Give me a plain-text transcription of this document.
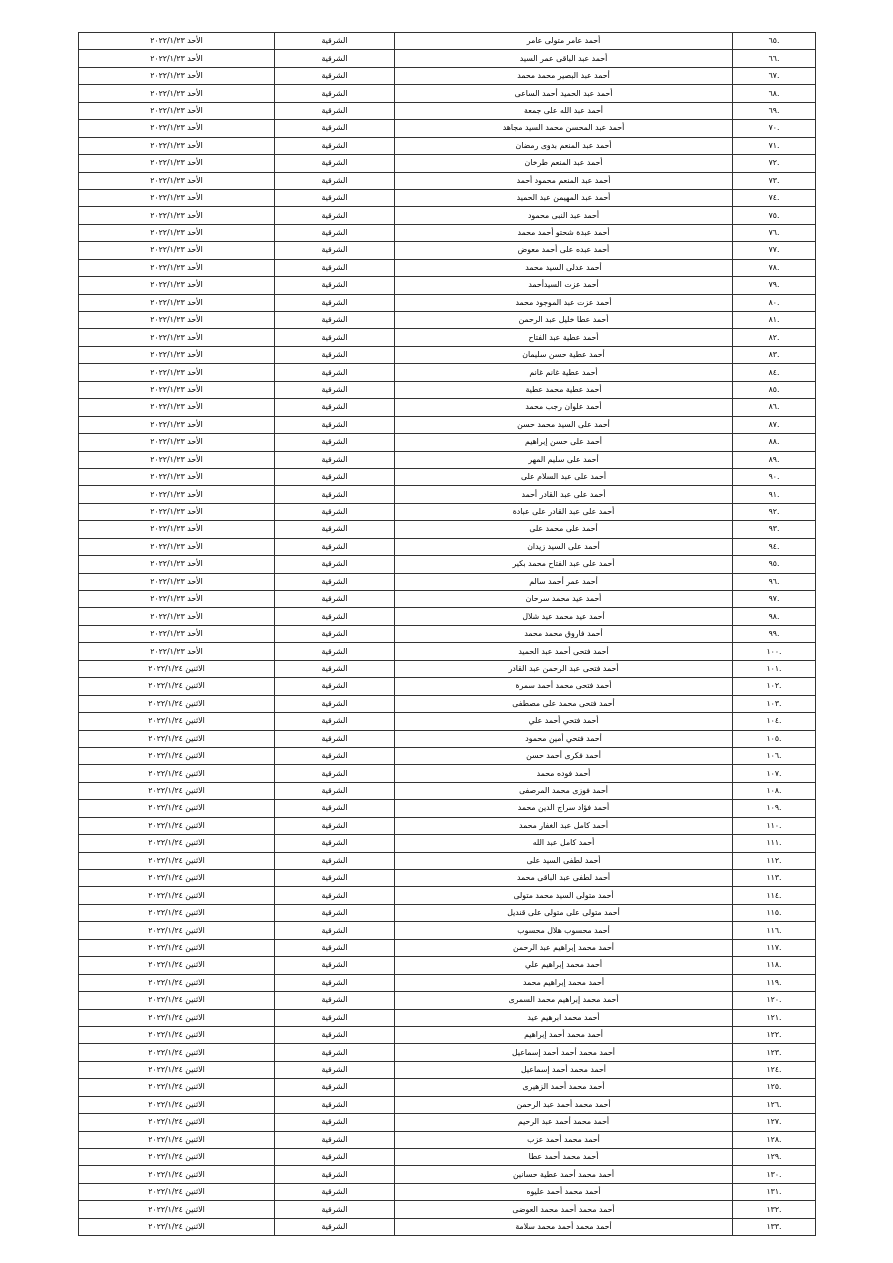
.٦٥	أحمد عامر متولى عامر	الشرقية	الأحد ٢٠٢٢/١/٢٣
.٦٦	أحمد عبد الباقى عمر السيد	الشرقية	الأحد ٢٠٢٢/١/٢٣
.٦٧	أحمد عبد البصير محمد محمد	الشرقية	الأحد ٢٠٢٢/١/٢٣
.٦٨	أحمد عبد الحميد أحمد الساعى	الشرقية	الأحد ٢٠٢٢/١/٢٣
.٦٩	أحمد عبد الله على جمعة	الشرقية	الأحد ٢٠٢٢/١/٢٣
.٧٠	أحمد عبد المحسن محمد السيد مجاهد	الشرقية	الأحد ٢٠٢٢/١/٢٣
.٧١	أحمد عبد المنعم بدوى رمضان	الشرقية	الأحد ٢٠٢٢/١/٢٣
.٧٢	أحمد عبد المنعم طرخان	الشرقية	الأحد ٢٠٢٢/١/٢٣
.٧٣	أحمد عبد المنعم محمود أحمد	الشرقية	الأحد ٢٠٢٢/١/٢٣
.٧٤	أحمد عبد المهيمن عبد الحميد	الشرقية	الأحد ٢٠٢٢/١/٢٣
.٧٥	أحمد عبد النبى محمود	الشرقية	الأحد ٢٠٢٢/١/٢٣
.٧٦	أحمد عبدة شحتو أحمد محمد	الشرقية	الأحد ٢٠٢٢/١/٢٣
.٧٧	أحمد عبده على أحمد معوض	الشرقية	الأحد ٢٠٢٢/١/٢٣
.٧٨	أحمد عدلى السيد محمد	الشرقية	الأحد ٢٠٢٢/١/٢٣
.٧٩	أحمد عزت السيدأحمد	الشرقية	الأحد ٢٠٢٢/١/٢٣
.٨٠	أحمد عزت عبد الموجود محمد	الشرقية	الأحد ٢٠٢٢/١/٢٣
.٨١	أحمد عطا خليل عبد الرحمن	الشرقية	الأحد ٢٠٢٢/١/٢٣
.٨٢	أحمد عطية عبد الفتاح	الشرقية	الأحد ٢٠٢٢/١/٢٣
.٨٣	أحمد عطية حسن سليمان	الشرقية	الأحد ٢٠٢٢/١/٢٣
.٨٤	أحمد عطية غانم غانم	الشرقية	الأحد ٢٠٢٢/١/٢٣
.٨٥	أحمد عطية محمد عطية	الشرقية	الأحد ٢٠٢٢/١/٢٣
.٨٦	أحمد علوان رجب محمد	الشرقية	الأحد ٢٠٢٢/١/٢٣
.٨٧	أحمد على السيد محمد حسن	الشرقية	الأحد ٢٠٢٢/١/٢٣
.٨٨	أحمد على حسن إبراهيم	الشرقية	الأحد ٢٠٢٢/١/٢٣
.٨٩	أحمد على سليم المهر	الشرقية	الأحد ٢٠٢٢/١/٢٣
.٩٠	أحمد على عبد السلام على	الشرقية	الأحد ٢٠٢٢/١/٢٣
.٩١	أحمد على عبد القادر أحمد	الشرقية	الأحد ٢٠٢٢/١/٢٣
.٩٢	أحمد على عبد القادر على عبادة	الشرقية	الأحد ٢٠٢٢/١/٢٣
.٩٣	أحمد على محمد على	الشرقية	الأحد ٢٠٢٢/١/٢٣
.٩٤	أحمد على السيد زيدان	الشرقية	الأحد ٢٠٢٢/١/٢٣
.٩٥	أحمد على عبد الفتاح محمد بكير	الشرقية	الأحد ٢٠٢٢/١/٢٣
.٩٦	أحمد عمر أحمد سالم	الشرقية	الأحد ٢٠٢٢/١/٢٣
.٩٧	أحمد عيد محمد سرحان	الشرقية	الأحد ٢٠٢٢/١/٢٣
.٩٨	أحمد عيد محمد عيد شلال	الشرقية	الأحد ٢٠٢٢/١/٢٣
.٩٩	أحمد فاروق محمد محمد	الشرقية	الأحد ٢٠٢٢/١/٢٣
.١٠٠	أحمد فتحى أحمد عبد الحميد	الشرقية	الأحد ٢٠٢٢/١/٢٣
.١٠١	أحمد فتحى عبد الرحمن عبد القادر	الشرقية	الاثنين ٢٠٢٢/١/٢٤
.١٠٢	أحمد فتحى محمد أحمد سمرة	الشرقية	الاثنين ٢٠٢٢/١/٢٤
.١٠٣	أحمد فتحى محمد على مصطفى	الشرقية	الاثنين ٢٠٢٢/١/٢٤
.١٠٤	أحمد فتحي أحمد علي	الشرقية	الاثنين ٢٠٢٢/١/٢٤
.١٠٥	أحمد فتحي أمين محمود	الشرقية	الاثنين ٢٠٢٢/١/٢٤
.١٠٦	أحمد فكرى أحمد حسن	الشرقية	الاثنين ٢٠٢٢/١/٢٤
.١٠٧	أحمد فوده محمد	الشرقية	الاثنين ٢٠٢٢/١/٢٤
.١٠٨	أحمد فوزى محمد المرصفى	الشرقية	الاثنين ٢٠٢٢/١/٢٤
.١٠٩	أحمد فؤاد سراج الدين محمد	الشرقية	الاثنين ٢٠٢٢/١/٢٤
.١١٠	أحمد كامل عبد الغفار محمد	الشرقية	الاثنين ٢٠٢٢/١/٢٤
.١١١	أحمد كامل عبد الله	الشرقية	الاثنين ٢٠٢٢/١/٢٤
.١١٢	أحمد لطفى السيد على	الشرقية	الاثنين ٢٠٢٢/١/٢٤
.١١٣	أحمد لطفى عبد الباقى محمد	الشرقية	الاثنين ٢٠٢٢/١/٢٤
.١١٤	أحمد متولى السيد محمد متولى	الشرقية	الاثنين ٢٠٢٢/١/٢٤
.١١٥	أحمد متولى على متولى على قنديل	الشرقية	الاثنين ٢٠٢٢/١/٢٤
.١١٦	أحمد محسوب هلال محسوب	الشرقية	الاثنين ٢٠٢٢/١/٢٤
.١١٧	أحمد محمد إبراهيم عبد الرحمن	الشرقية	الاثنين ٢٠٢٢/١/٢٤
.١١٨	أحمد محمد إبراهيم علي	الشرقية	الاثنين ٢٠٢٢/١/٢٤
.١١٩	أحمد محمد إبراهيم محمد	الشرقية	الاثنين ٢٠٢٢/١/٢٤
.١٢٠	أحمد محمد إبراهيم محمد السمرى	الشرقية	الاثنين ٢٠٢٢/١/٢٤
.١٢١	أحمد محمد ابرهيم عيد	الشرقية	الاثنين ٢٠٢٢/١/٢٤
.١٢٢	أحمد محمد أحمد إبراهيم	الشرقية	الاثنين ٢٠٢٢/١/٢٤
.١٢٣	أحمد محمد أحمد أحمد إسماعيل	الشرقية	الاثنين ٢٠٢٢/١/٢٤
.١٢٤	أحمد محمد أحمد إسماعيل	الشرقية	الاثنين ٢٠٢٢/١/٢٤
.١٢٥	أحمد محمد أحمد الزهيرى	الشرقية	الاثنين ٢٠٢٢/١/٢٤
.١٢٦	أحمد محمد أحمد عبد الرحمن	الشرقية	الاثنين ٢٠٢٢/١/٢٤
.١٢٧	أحمد محمد أحمد عبد الرحيم	الشرقية	الاثنين ٢٠٢٢/١/٢٤
.١٢٨	أحمد محمد أحمد عزب	الشرقية	الاثنين ٢٠٢٢/١/٢٤
.١٢٩	أحمد محمد أحمد عطا	الشرقية	الاثنين ٢٠٢٢/١/٢٤
.١٣٠	أحمد محمد أحمد عطية حسانين	الشرقية	الاثنين ٢٠٢٢/١/٢٤
.١٣١	أحمد محمد أحمد عليوه	الشرقية	الاثنين ٢٠٢٢/١/٢٤
.١٣٢	أحمد محمد أحمد محمد العوضى	الشرقية	الاثنين ٢٠٢٢/١/٢٤
.١٣٣	أحمد محمد أحمد محمد سلامة	الشرقية	الاثنين ٢٠٢٢/١/٢٤
